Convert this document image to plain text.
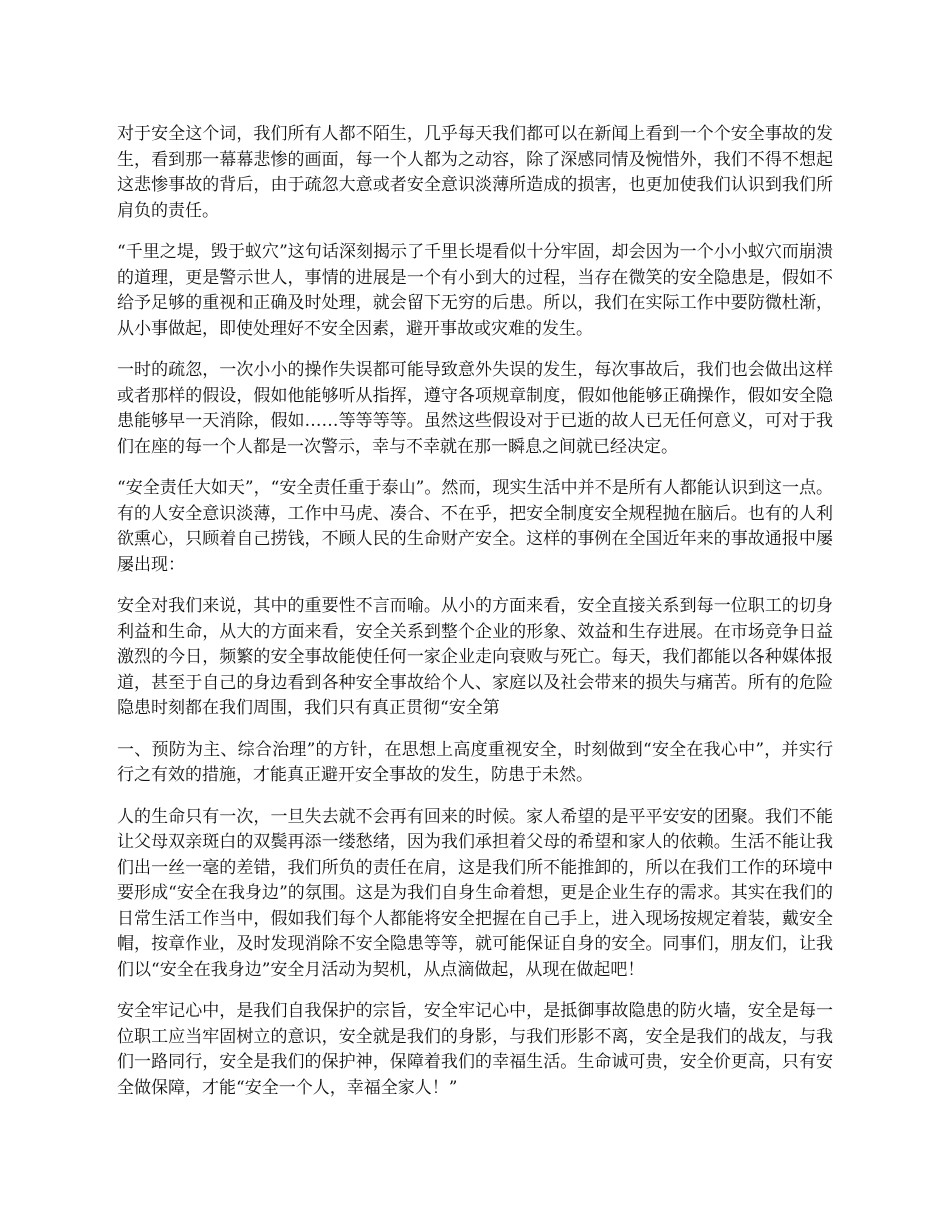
对于安全这个词，我们所有人都不陌生，几乎每天我们都可以在新闻上看到一个个安全事故的发生，看到那一幕幕悲惨的画面，每一个人都为之动容，除了深感同情及惋惜外，我们不得不想起这悲惨事故的背后，由于疏忽大意或者安全意识淡薄所造成的损害，也更加使我们认识到我们所肩负的责任。

“千里之堤，毁于蚁穴”这句话深刻揭示了千里长堤看似十分牢固，却会因为一个小小蚁穴而崩溃的道理，更是警示世人，事情的进展是一个有小到大的过程，当存在微笑的安全隐患是，假如不给予足够的重视和正确及时处理，就会留下无穷的后患。所以，我们在实际工作中要防微杜渐，从小事做起，即使处理好不安全因素，避开事故或灾难的发生。

一时的疏忽，一次小小的操作失误都可能导致意外失误的发生，每次事故后，我们也会做出这样或者那样的假设，假如他能够听从指挥，遵守各项规章制度，假如他能够正确操作，假如安全隐患能够早一天消除，假如……等等等等。虽然这些假设对于已逝的故人已无任何意义，可对于我们在座的每一个人都是一次警示，幸与不幸就在那一瞬息之间就已经决定。

“安全责任大如天”，“安全责任重于泰山”。然而，现实生活中并不是所有人都能认识到这一点。有的人安全意识淡薄，工作中马虎、凑合、不在乎，把安全制度安全规程抛在脑后。也有的人利欲熏心，只顾着自己捞钱，不顾人民的生命财产安全。这样的事例在全国近年来的事故通报中屡屡出现：

安全对我们来说，其中的重要性不言而喻。从小的方面来看，安全直接关系到每一位职工的切身利益和生命，从大的方面来看，安全关系到整个企业的形象、效益和生存进展。在市场竞争日益激烈的今日，频繁的安全事故能使任何一家企业走向衰败与死亡。每天，我们都能以各种媒体报道，甚至于自己的身边看到各种安全事故给个人、家庭以及社会带来的损失与痛苦。所有的危险隐患时刻都在我们周围，我们只有真正贯彻“安全第

一、预防为主、综合治理”的方针，在思想上高度重视安全，时刻做到“安全在我心中”，并实行行之有效的措施，才能真正避开安全事故的发生，防患于未然。

人的生命只有一次，一旦失去就不会再有回来的时候。家人希望的是平平安安的团聚。我们不能让父母双亲斑白的双鬓再添一缕愁绪，因为我们承担着父母的希望和家人的依赖。生活不能让我们出一丝一毫的差错，我们所负的责任在肩，这是我们所不能推卸的，所以在我们工作的环境中要形成“安全在我身边”的氛围。这是为我们自身生命着想，更是企业生存的需求。其实在我们的日常生活工作当中，假如我们每个人都能将安全把握在自己手上，进入现场按规定着装，戴安全帽，按章作业，及时发现消除不安全隐患等等，就可能保证自身的安全。同事们，朋友们，让我们以“安全在我身边”安全月活动为契机，从点滴做起，从现在做起吧！

安全牢记心中，是我们自我保护的宗旨，安全牢记心中，是抵御事故隐患的防火墙，安全是每一位职工应当牢固树立的意识，安全就是我们的身影，与我们形影不离，安全是我们的战友，与我们一路同行，安全是我们的保护神，保障着我们的幸福生活。生命诚可贵，安全价更高，只有安全做保障，才能“安全一个人，幸福全家人！”
